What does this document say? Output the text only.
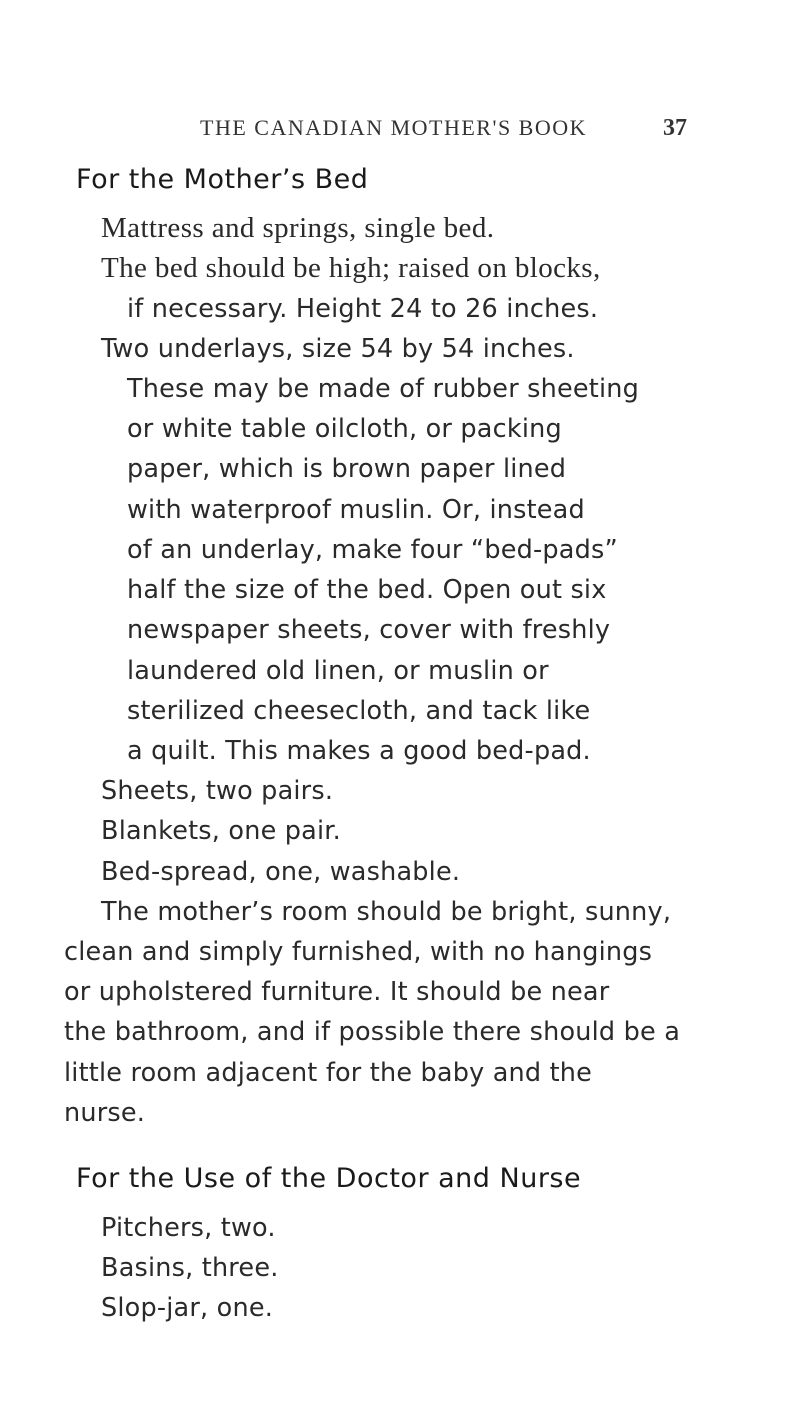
THE CANADIAN MOTHER'S BOOK	37
For the Mother’s Bed
Mattress and springs, single bed.
The bed should be high; raised on blocks,
if necessary. Height 24 to 26 inches.
Two underlays, size 54 by 54 inches.
These may be made of rubber sheeting
or white table oilcloth, or packing
paper, which is brown paper lined
with waterproof muslin. Or, instead
of an underlay, make four “bed-pads”
half the size of the bed. Open out six
newspaper sheets, cover with freshly
laundered old linen, or muslin or
sterilized cheesecloth, and tack like
a quilt. This makes a good bed-pad.
Sheets, two pairs.
Blankets, one pair.
Bed-spread, one, washable.
The mother’s room should be bright, sunny,
clean and simply furnished, with no hangings
or upholstered furniture. It should be near
the bathroom, and if possible there should be a
little room adjacent for the baby and the
nurse.
For the Use of the Doctor and Nurse
Pitchers, two.
Basins, three.
Slop-jar, one.
